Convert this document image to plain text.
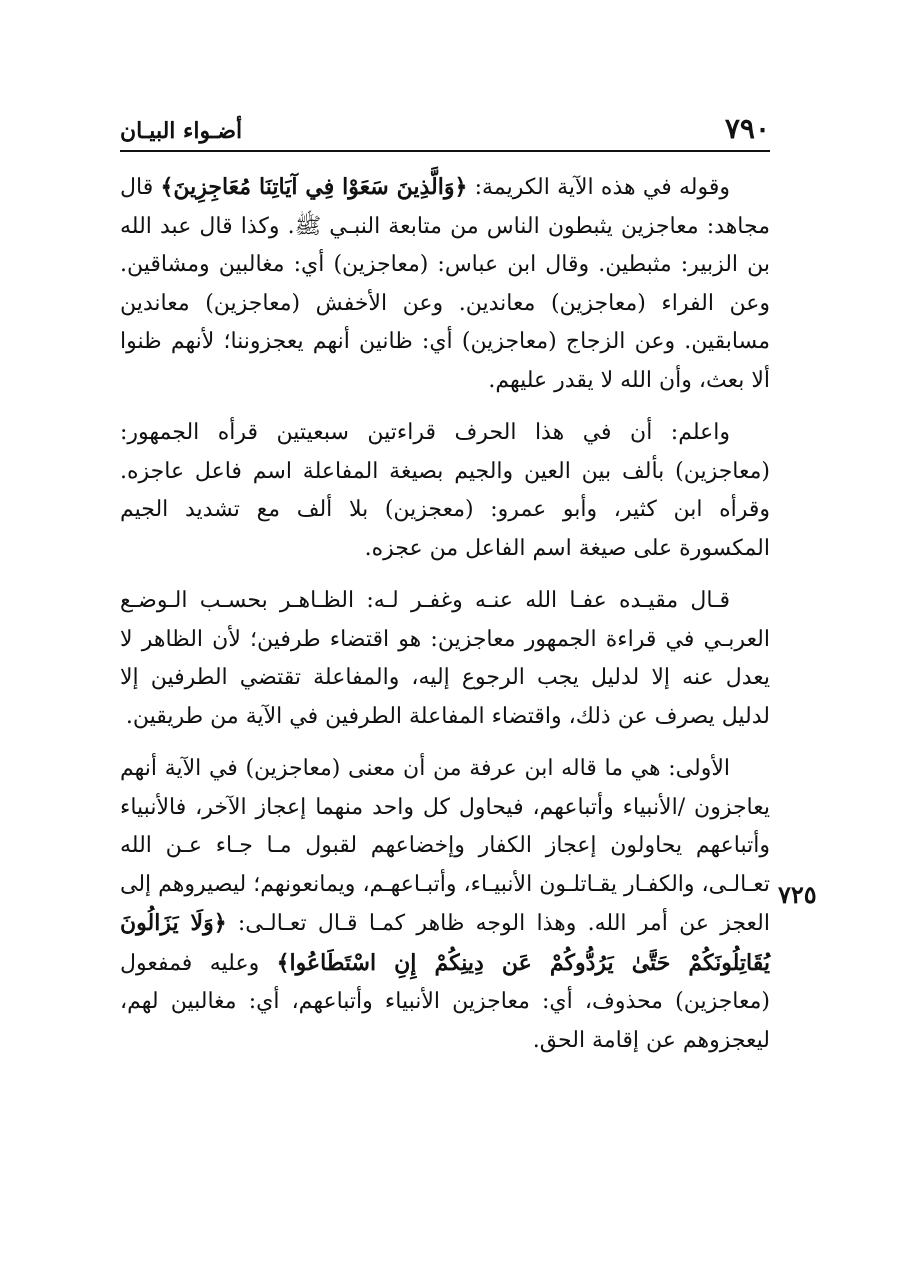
٧٩٠
أضـواء البيـان
٧٢٥

وقوله في هذه الآية الكريمة: ﴿وَالَّذِينَ سَعَوْا فِي آيَاتِنَا مُعَاجِزِينَ﴾ قال مجاهد: معاجزين يثبطون الناس من متابعة النبـي ﷺ. وكذا قال عبد الله بن الزبير: مثبطين. وقال ابن عباس: (معاجزين) أي: مغالبين ومشاقين. وعن الفراء (معاجزين) معاندين. وعن الأخفش (معاجزين) معاندين مسابقين. وعن الزجاج (معاجزين) أي: ظانين أنهم يعجزوننا؛ لأنهم ظنوا ألا بعث، وأن الله لا يقدر عليهم.

واعلم: أن في هذا الحرف قراءتين سبعيتين قرأه الجمهور: (معاجزين) بألف بين العين والجيم بصيغة المفاعلة اسم فاعل عاجزه. وقرأه ابن كثير، وأبو عمرو: (معجزين) بلا ألف مع تشديد الجيم المكسورة على صيغة اسم الفاعل من عجزه.

قـال مقيـده عفـا الله عنـه وغفـر لـه: الظـاهـر بحسـب الـوضـع العربـي في قراءة الجمهور معاجزين: هو اقتضاء طرفين؛ لأن الظاهر لا يعدل عنه إلا لدليل يجب الرجوع إليه، والمفاعلة تقتضي الطرفين إلا لدليل يصرف عن ذلك، واقتضاء المفاعلة الطرفين في الآية من طريقين.

الأولى: هي ما قاله ابن عرفة من أن معنى (معاجزين) في الآية أنهم يعاجزون /الأنبياء وأتباعهم، فيحاول كل واحد منهما إعجاز الآخر، فالأنبياء وأتباعهم يحاولون إعجاز الكفار وإخضاعهم لقبول مـا جـاء عـن الله تعـالـى، والكفـار يقـاتلـون الأنبيـاء، وأتبـاعهـم، ويمانعونهم؛ ليصيروهم إلى العجز عن أمر الله. وهذا الوجه ظاهر كمـا قـال تعـالـى: ﴿وَلَا يَزَالُونَ يُقَاتِلُونَكُمْ حَتَّىٰ يَرُدُّوكُمْ عَن دِينِكُمْ إِنِ اسْتَطَاعُوا﴾ وعليه فمفعول (معاجزين) محذوف، أي: معاجزين الأنبياء وأتباعهم، أي: مغالبين لهم، ليعجزوهم عن إقامة الحق.
